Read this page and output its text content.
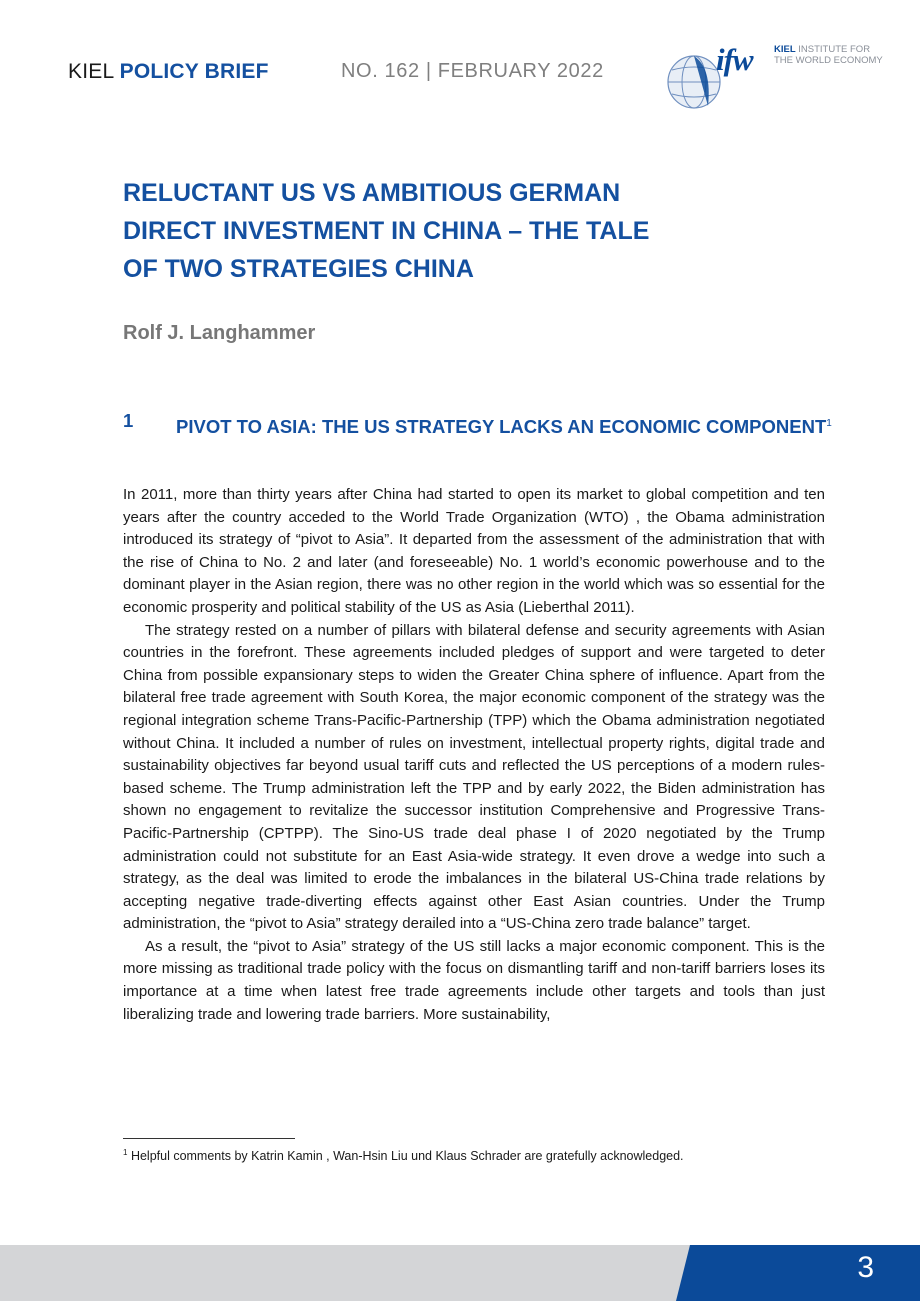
KIEL POLICY BRIEF	NO. 162 | FEBRUARY 2022	ifw KIEL INSTITUTE FOR
THE WORLD ECONOMY
RELUCTANT US VS AMBITIOUS GERMAN
DIRECT INVESTMENT IN CHINA – THE TALE
OF TWO STRATEGIES CHINA
Rolf J. Langhammer
1 PIVOT TO ASIA: THE US STRATEGY LACKS AN ECONOMIC COMPONENT$^1$

In 2011, more than thirty years after China had started to open its market to global competition and ten years after the country acceded to the World Trade Organization (WTO) , the Obama administration introduced its strategy of “pivot to Asia”. It departed from the assessment of the administration that with the rise of China to No. 2 and later (and foreseeable) No. 1 world’s economic powerhouse and to the dominant player in the Asian region, there was no other region in the world which was so essential for the economic prosperity and political stability of the US as Asia (Lieberthal 2011).

The strategy rested on a number of pillars with bilateral defense and security agreements with Asian countries in the forefront. These agreements included pledges of support and were targeted to deter China from possible expansionary steps to widen the Greater China sphere of influence. Apart from the bilateral free trade agreement with South Korea, the major economic component of the strategy was the regional integration scheme Trans-Pacific-Partnership (TPP) which the Obama administration negotiated without China. It included a number of rules on investment, intellectual property rights, digital trade and sustainability objectives far beyond usual tariff cuts and reflected the US perceptions of a modern rules-based scheme. The Trump administration left the TPP and by early 2022, the Biden administration has shown no engagement to revitalize the successor institution Comprehensive and Progressive Trans-Pacific-Partnership (CPTPP). The Sino-US trade deal phase I of 2020 negotiated by the Trump administration could not substitute for an East Asia-wide strategy. It even drove a wedge into such a strategy, as the deal was limited to erode the imbalances in the bilateral US-China trade relations by accepting negative trade-diverting effects against other East Asian countries. Under the Trump administration, the “pivot to Asia” strategy derailed into a “US-China zero trade balance” target.

As a result, the “pivot to Asia” strategy of the US still lacks a major economic component. This is the more missing as traditional trade policy with the focus on dismantling tariff and non-tariff barriers loses its importance at a time when latest free trade agreements include other targets and tools than just liberalizing trade and lowering trade barriers. More sustainability,

$^1$ Helpful comments by Katrin Kamin , Wan-Hsin Liu und Klaus Schrader are gratefully acknowledged.
3
